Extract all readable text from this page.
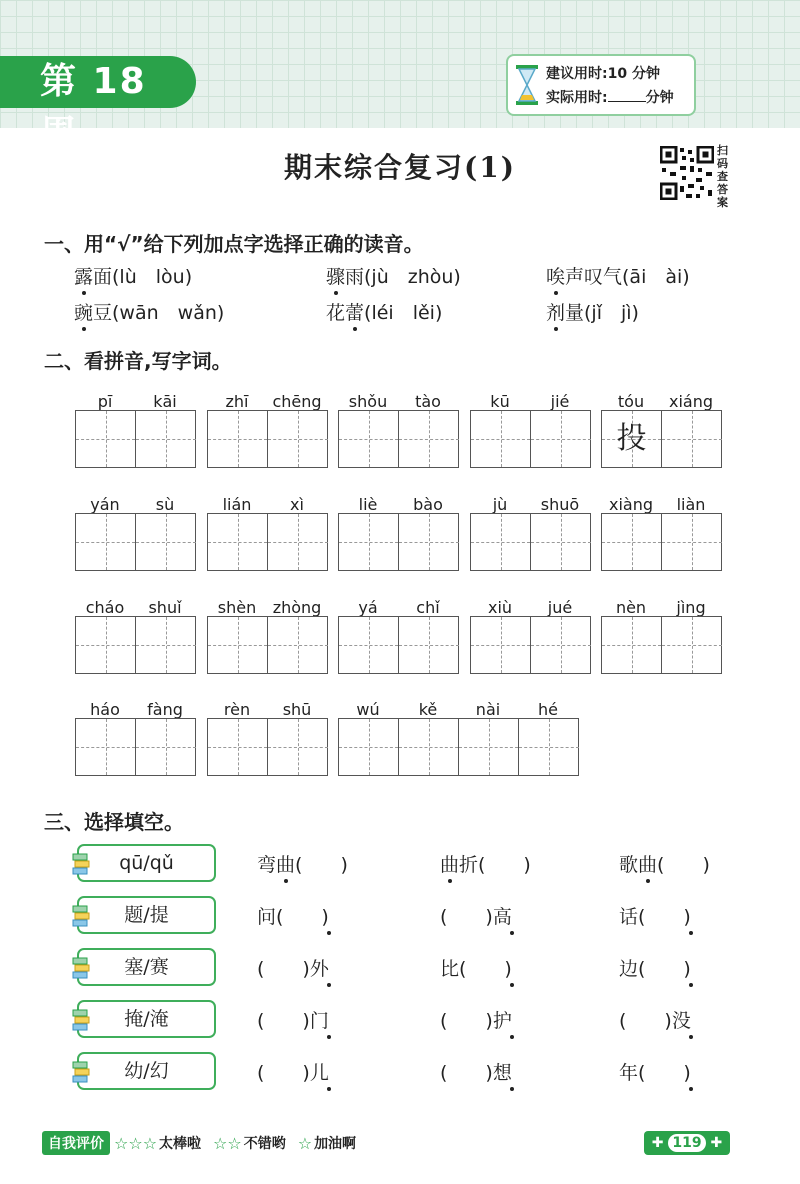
第 18 周
建议用时:10 分钟
实际用时:	分钟
期末综合复习(1)
扫码查答案
一、用“√”给下列加点字选择正确的读音。
露面(lù　lòu)	骤雨(jù　zhòu)	唉声叹气(āi　ài)
豌豆(wān　wǎn)	花蕾(léi　lěi)	剂量(jǐ　jì)
二、看拼音,写字词。
pī	kāi	zhī	chēng	shǒu	tào	kū	jié	tóu	xiáng
投
yán	sù	lián	xì	liè	bào	jù	shuō	xiàng	liàn
cháo	shuǐ	shèn	zhòng	yá	chǐ	xiù	jué	nèn	jìng
háo	fàng	rèn	shū	wú	kě	nài	hé
三、选择填空。
qū/qǔ	弯曲(　　)	曲折(　　)	歌曲(　　)
题/提	问(　　)	(　　)高	话(　　)
塞/赛	(　　)外	比(　　)	边(　　)
掩/淹	(　　)门	(　　)护	(　　)没
幼/幻	(　　)儿	(　　)想	年(　　)
自我评价 ☆ ☆ ☆ 太棒啦 ☆ ☆ 不错哟 ☆ 加油啊	✚ 119 ✚
